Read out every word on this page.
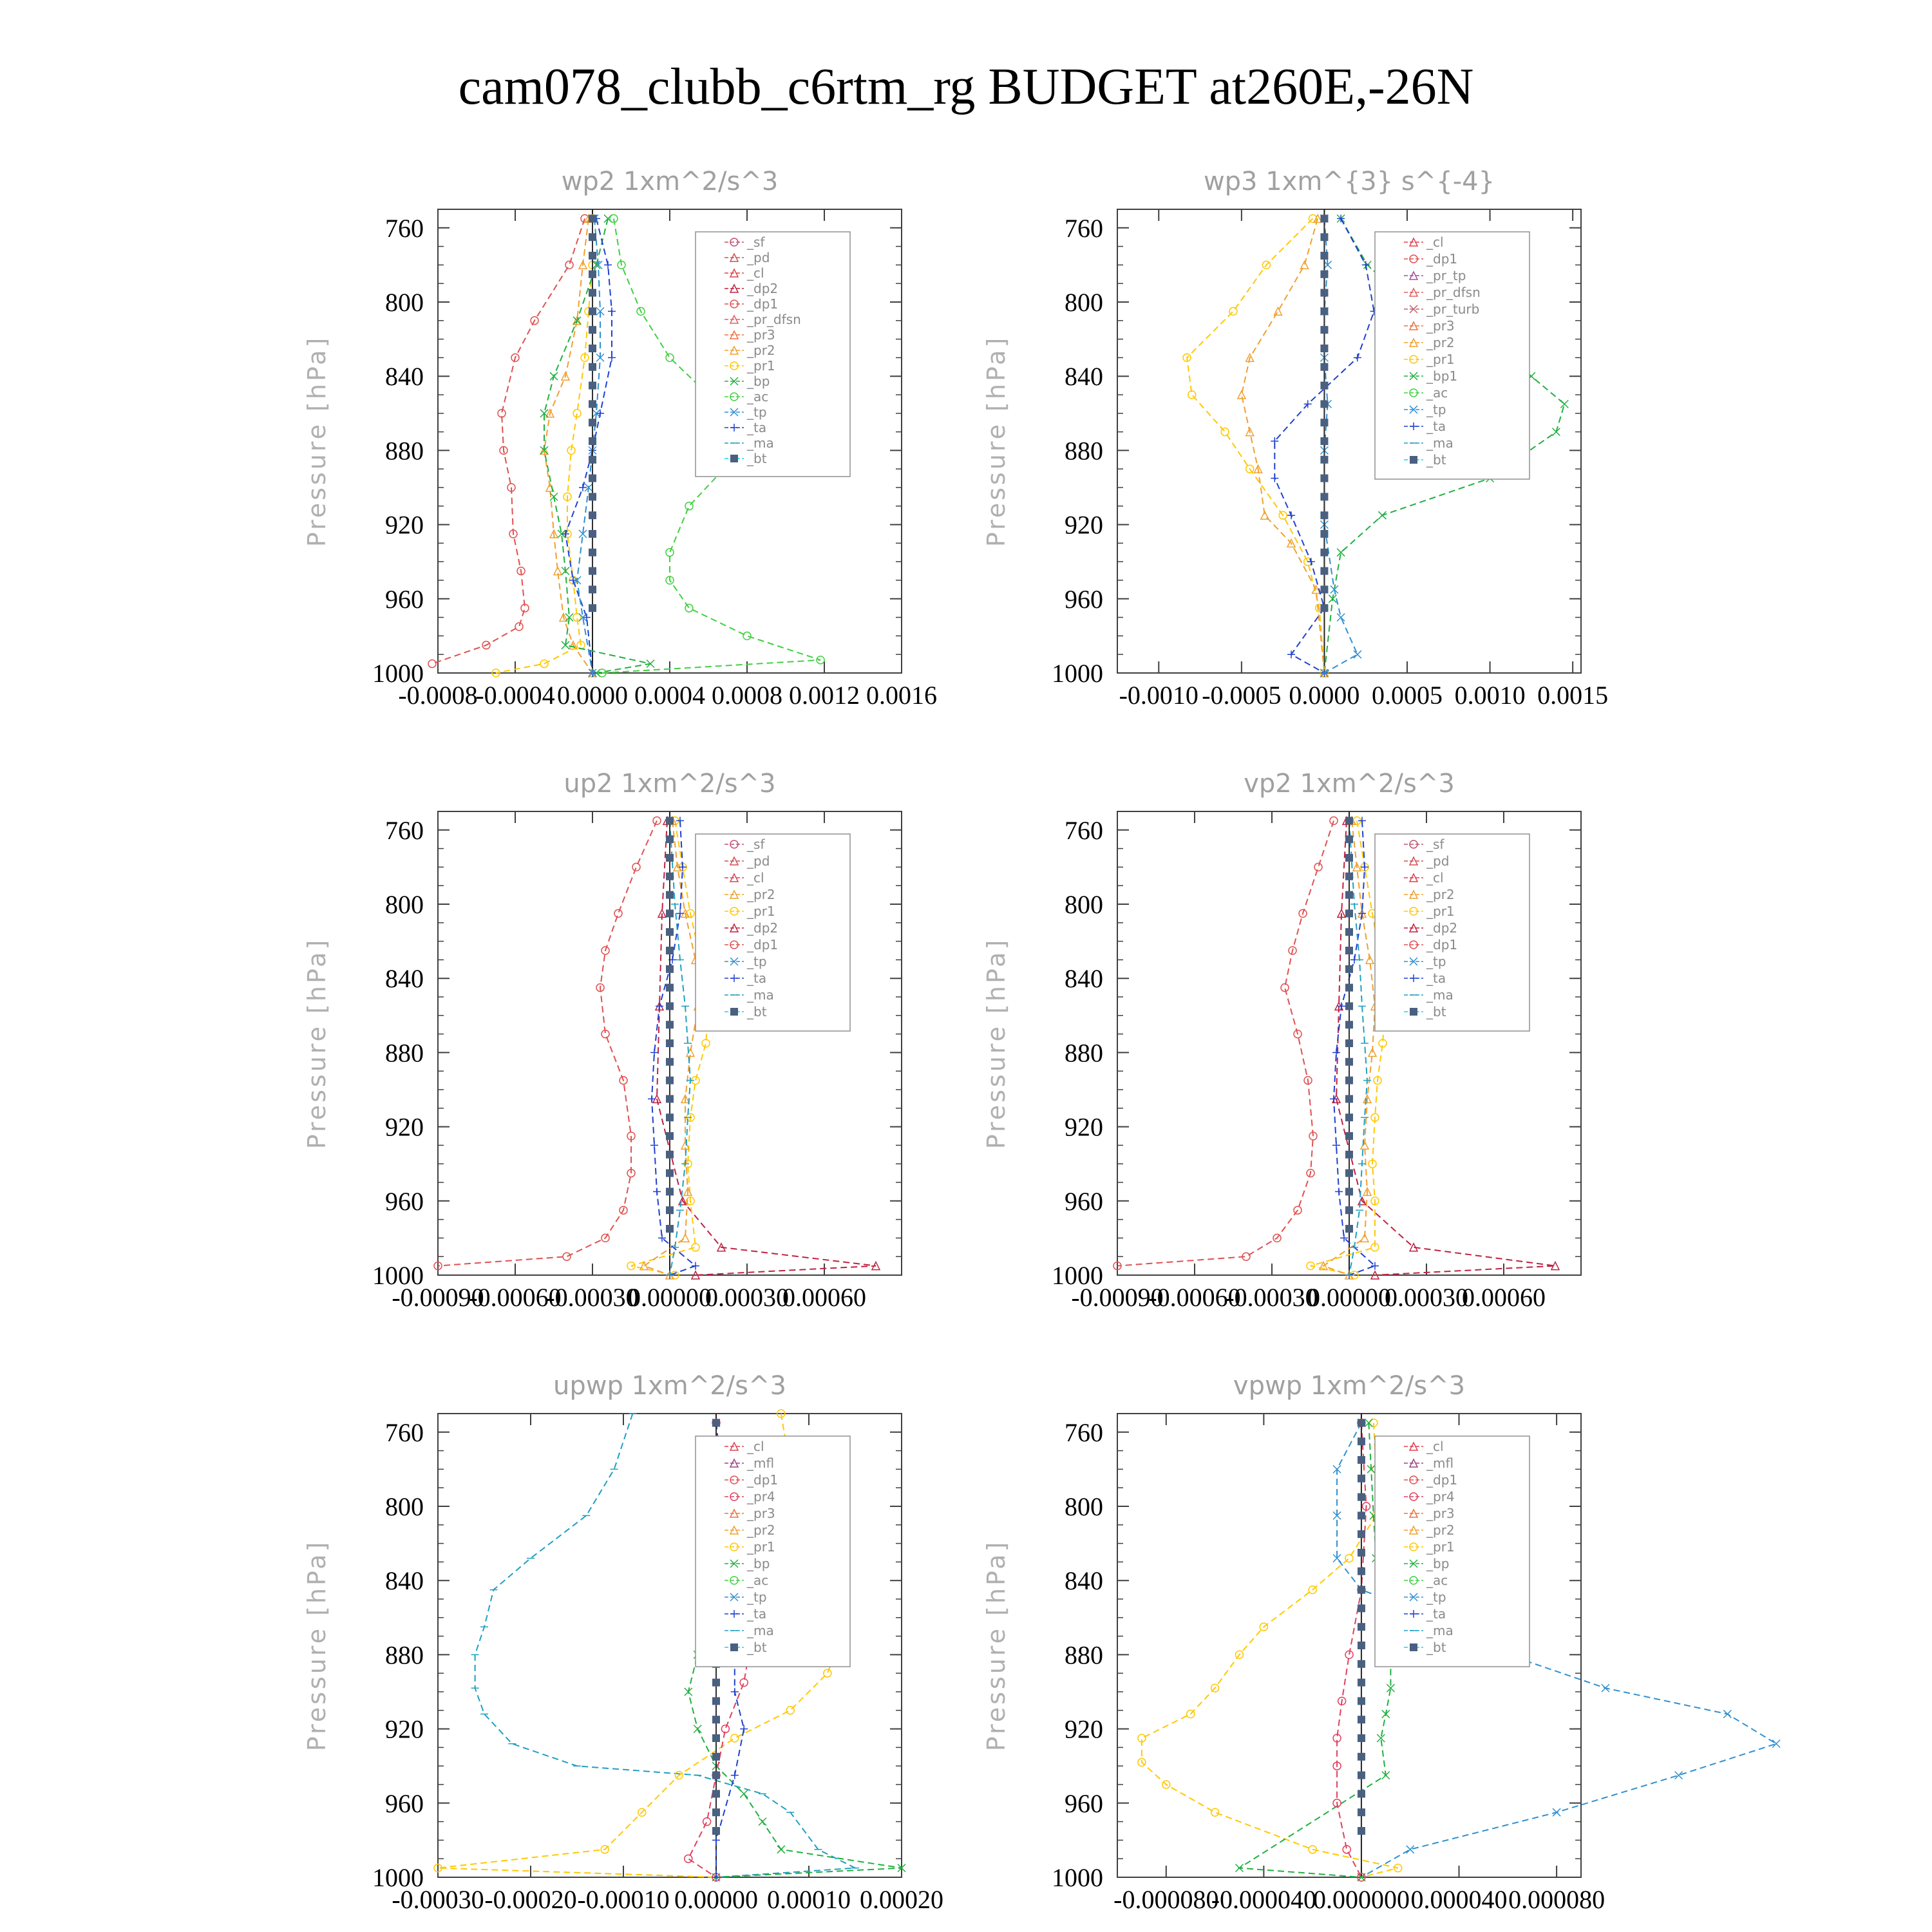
cam078_clubb_c6rtm_rg BUDGET at260E,-26N
wp2 1xm^2/s^3
Pressure [hPa]
760
800
840
880
920
960
1000
-0.0008
-0.0004 0.0000 0.0004 0.0008 0.0012 0.0016
_sf
_pd
_cl
_dp2
_dp1
_pr_dfsn
_pr3
_pr2
_pr1
_bp
_ac
_tp
_ta
_ma
_bt
wp3 1xm^{3} s^{-4}
Pressure [hPa]
760
800
840
880
920
960
1000
-0.0010 -0.0005 0.0000 0.0005 0.0010 0.0015
_cl
_dp1
_pr_tp
_pr_dfsn
_pr_turb
_pr3
_pr2
_pr1
_bp1
_ac
_tp
_ta
_ma
_bt
up2 1xm^2/s^3
Pressure [hPa]
760
800
840
880
920
960
1000
-0.00090
-0.00060
-0.00030
0.00000
0.00030
0.00060
_sf
_pd
_cl
_pr2
_pr1
_dp2
_dp1
_tp
_ta
_ma
_bt
vp2 1xm^2/s^3
Pressure [hPa]
760
800
840
880
920
960
1000
-0.00090
-0.00060
-0.00030
0.00000
0.00030
0.00060
_sf
_pd
_cl
_pr2
_pr1
_dp2
_dp1
_tp
_ta
_ma
_bt
upwp 1xm^2/s^3
Pressure [hPa]
760
800
840
880
920
960
1000
-0.00030 -0.00020 -0.00010 0.00000 0.00010 0.00020
_cl
_mfl
_dp1
_pr4
_pr3
_pr2
_pr1
_bp
_ac
_tp
_ta
_ma
_bt
vpwp 1xm^2/s^3
Pressure [hPa]
760
800
840
880
920
960
1000
-0.000080
-0.000040
0.000000 0.000040 0.000080
_cl
_mfl
_dp1
_pr4
_pr3
_pr2
_pr1
_bp
_ac
_tp
_ta
_ma
_bt
